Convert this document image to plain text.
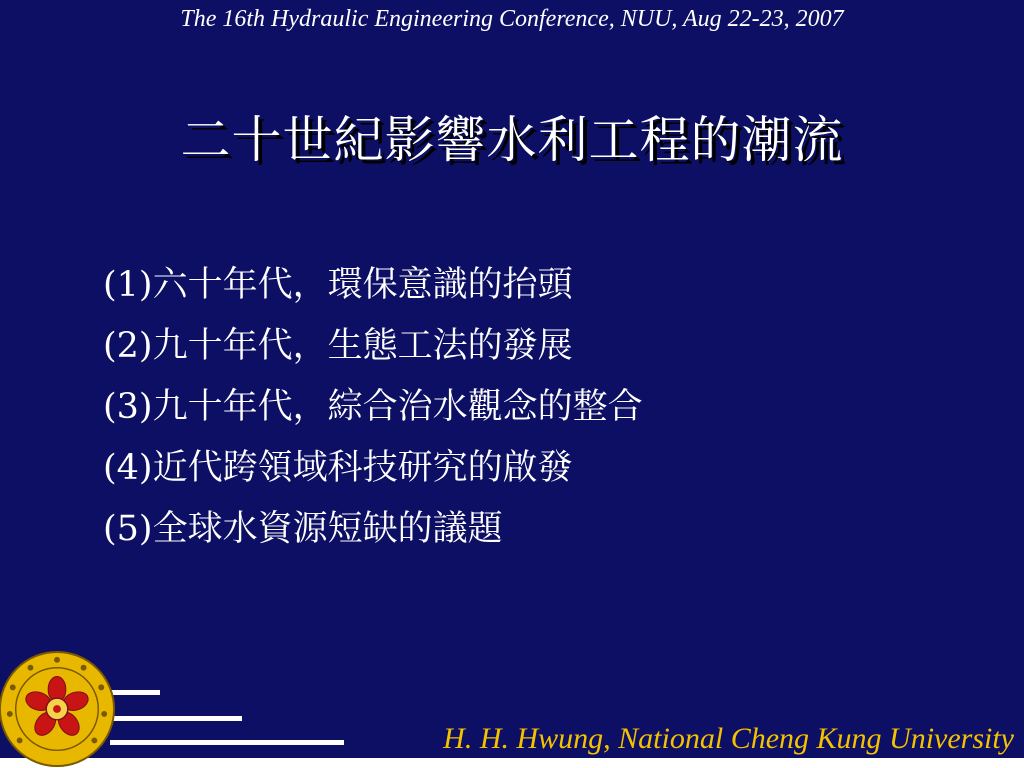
The 16th Hydraulic Engineering Conference, NUU, Aug 22-23, 2007
二十世紀影響水利工程的潮流
(1)六十年代，環保意識的抬頭
(2)九十年代，生態工法的發展
(3)九十年代，綜合治水觀念的整合
(4)近代跨領域科技研究的啟發
(5)全球水資源短缺的議題
H. H. Hwung, National Cheng Kung University
